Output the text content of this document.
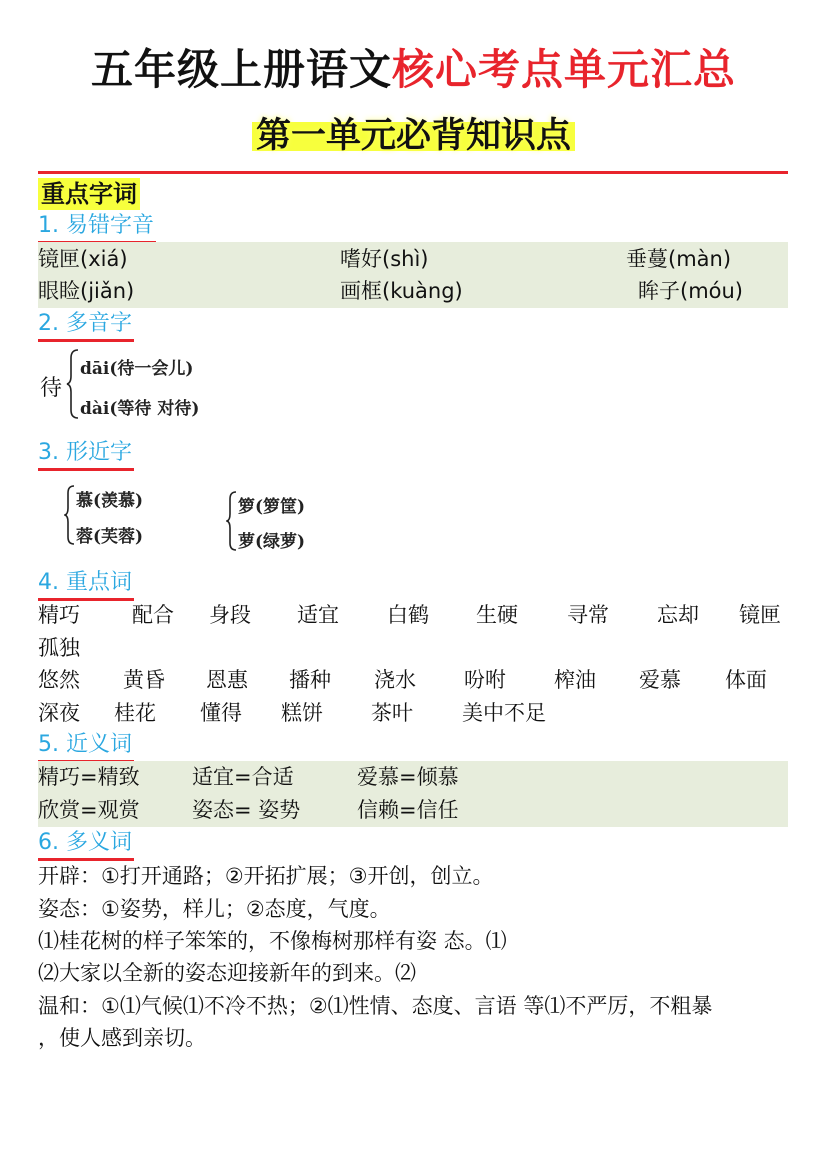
五年级上册语文核心考点单元汇总
第一单元必背知识点
重点字词
1. 易错字音
镜匣(xiá)	嗜好(shì)	垂蔓(màn)
眼睑(jiǎn)	画框(kuàng)	眸子(móu)
2. 多音字
待
dāi(待一会儿)
dài(等待 对待)
3. 形近字
慕(羡慕)
蓉(芙蓉)
箩(箩筐)
萝(绿萝)
4. 重点词
精巧 配合 身段 适宜 白鹤 生硬 寻常 忘却 镜匣
孤独
悠然 黄昏 恩惠 播种 浇水 吩咐 榨油 爱慕 体面
深夜 桂花 懂得 糕饼 茶叶 美中不足
5. 近义词
精巧=精致 适宜=合适	爱慕=倾慕
欣赏=观赏 姿态= 姿势	信赖=信任
6. 多义词
开辟：①打开通路；②开拓扩展；③开创，创立。
姿态：①姿势，样儿；②态度，气度。
⑴桂花树的样子笨笨的，不像梅树那样有姿 态。⑴
⑵大家以全新的姿态迎接新年的到来。⑵
温和：①⑴气候⑴不冷不热；②⑴性情、态度、言语 等⑴不严厉，不粗暴
，使人感到亲切。
